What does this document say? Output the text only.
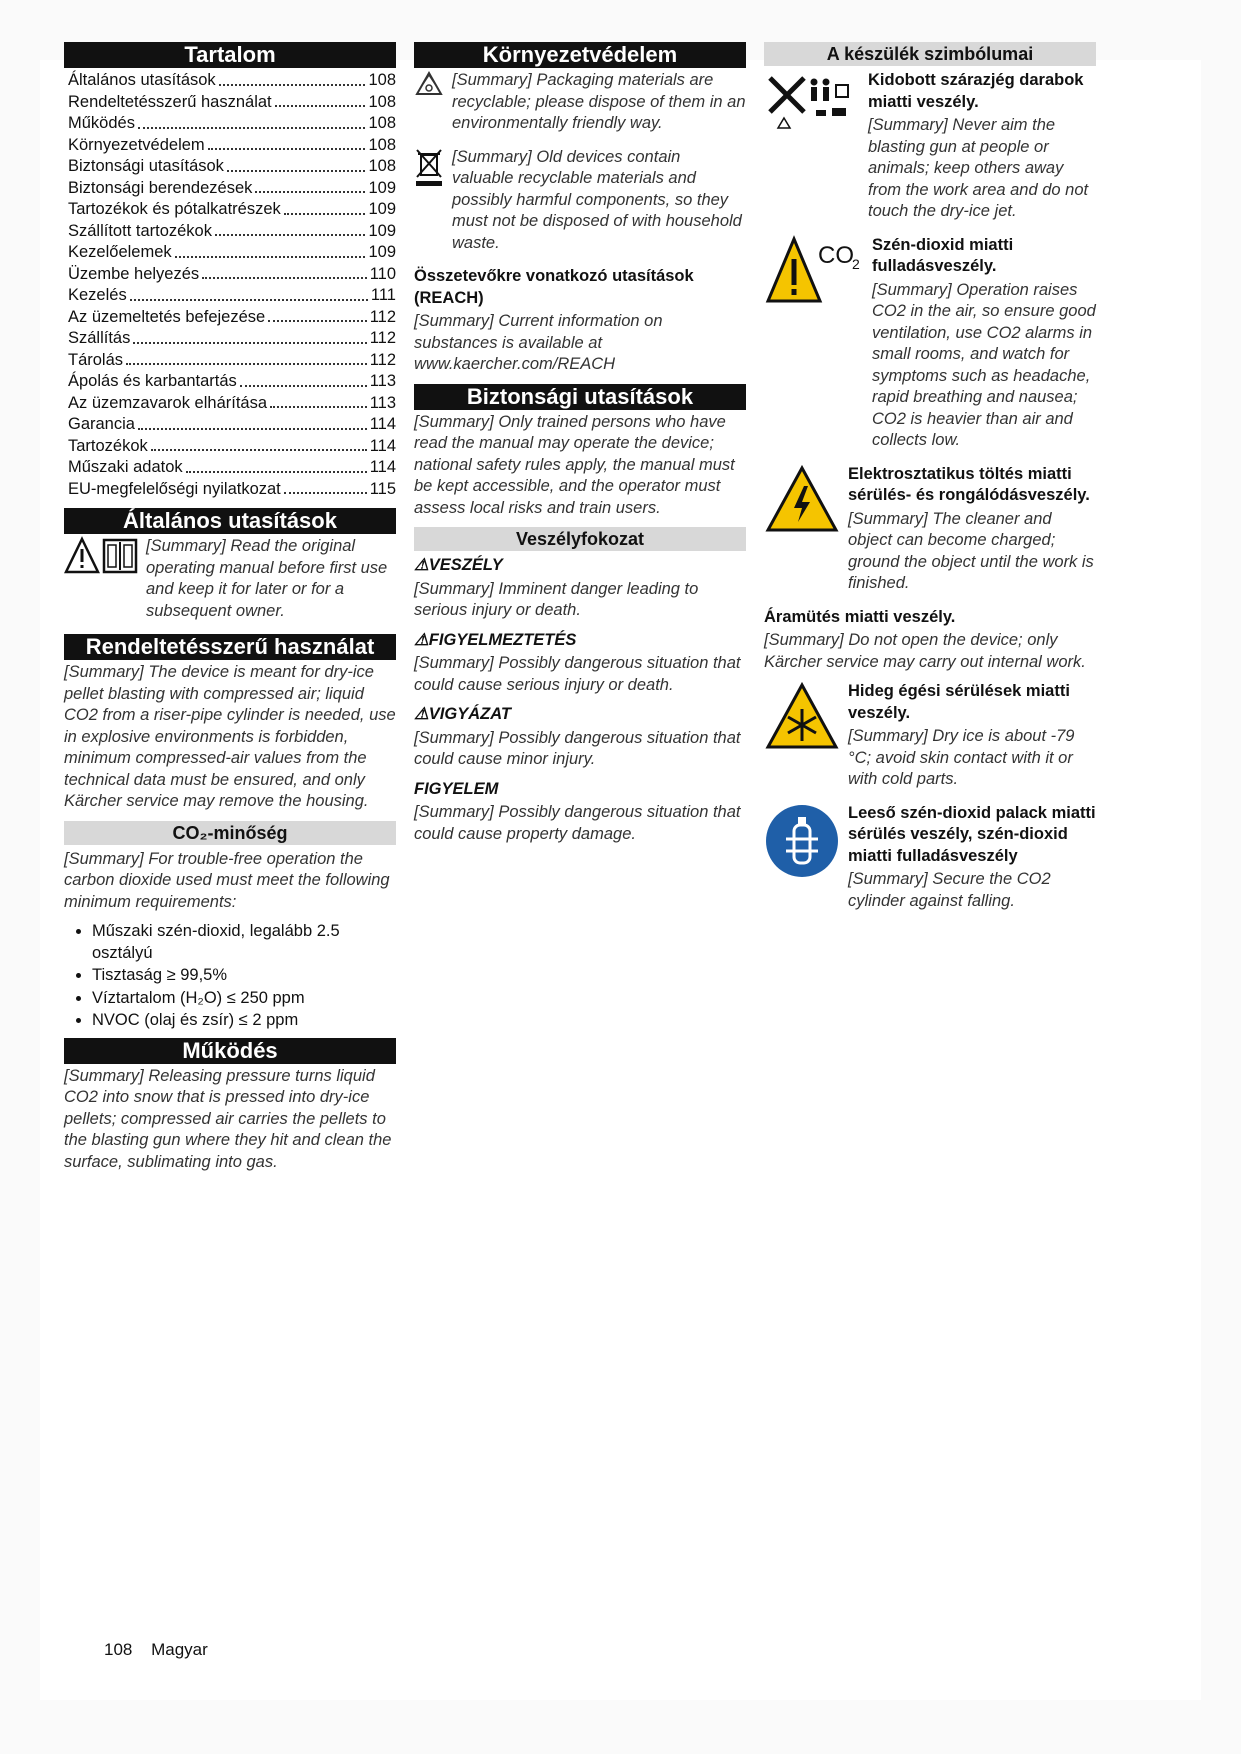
Tartalom
Általános utasítások	108
Rendeltetésszerű használat	108
Működés	108
Környezetvédelem	108
Biztonsági utasítások	108
Biztonsági berendezések	109
Tartozékok és pótalkatrészek	109
Szállított tartozékok	109
Kezelőelemek	109
Üzembe helyezés	110
Kezelés	111
Az üzemeltetés befejezése	112
Szállítás	112
Tárolás	112
Ápolás és karbantartás	113
Az üzemzavarok elhárítása	113
Garancia	114
Tartozékok	114
Műszaki adatok	114
EU-megfelelőségi nyilatkozat	115
Általános utasítások

[Summary] Read the original operating manual before first use and keep it for later or for a subsequent owner.

Rendeltetésszerű használat

[Summary] The device is meant for dry-ice pellet blasting with compressed air; liquid CO2 from a riser-pipe cylinder is needed, use in explosive environments is forbidden, minimum compressed-air values from the technical data must be ensured, and only Kärcher service may remove the housing.

CO₂-minőség

[Summary] For trouble-free operation the carbon dioxide used must meet the following minimum requirements:

• Műszaki szén-dioxid, legalább 2.5 osztályú
• Tisztaság ≥ 99,5%
• Víztartalom (H₂O) ≤ 250 ppm
• NVOC (olaj és zsír) ≤ 2 ppm
Működés

[Summary] Releasing pressure turns liquid CO2 into snow that is pressed into dry-ice pellets; compressed air carries the pellets to the blasting gun where they hit and clean the surface, sublimating into gas.

Környezetvédelem

[Summary] Packaging materials are recyclable; please dispose of them in an environmentally friendly way.

[Summary] Old devices contain valuable recyclable materials and possibly harmful components, so they must not be disposed of with household waste.

Összetevőkre vonatkozó utasítások (REACH)

[Summary] Current information on substances is available at www.kaercher.com/REACH

Biztonsági utasítások

[Summary] Only trained persons who have read the manual may operate the device; national safety rules apply, the manual must be kept accessible, and the operator must assess local risks and train users.

Veszélyfokozat

⚠VESZÉLY

[Summary] Imminent danger leading to serious injury or death.

⚠FIGYELMEZTETÉS

[Summary] Possibly dangerous situation that could cause serious injury or death.

⚠VIGYÁZAT

[Summary] Possibly dangerous situation that could cause minor injury.

FIGYELEM

[Summary] Possibly dangerous situation that could cause property damage.

A készülék szimbólumai

Kidobott szárazjég darabok miatti veszély.

[Summary] Never aim the blasting gun at people or animals; keep others away from the work area and do not touch the dry-ice jet.

CO
2

Szén-dioxid miatti fulladásveszély.

[Summary] Operation raises CO2 in the air, so ensure good ventilation, use CO2 alarms in small rooms, and watch for symptoms such as headache, rapid breathing and nausea; CO2 is heavier than air and collects low.

Elektrosztatikus töltés miatti sérülés- és rongálódásveszély.

[Summary] The cleaner and object can become charged; ground the object until the work is finished.

Áramütés miatti veszély.

[Summary] Do not open the device; only Kärcher service may carry out internal work.

Hideg égési sérülések miatti veszély.

[Summary] Dry ice is about -79 °C; avoid skin contact with it or with cold parts.

Leeső szén-dioxid palack miatti sérülés veszély, szén-dioxid miatti fulladásveszély

[Summary] Secure the CO2 cylinder against falling.

108 Magyar
